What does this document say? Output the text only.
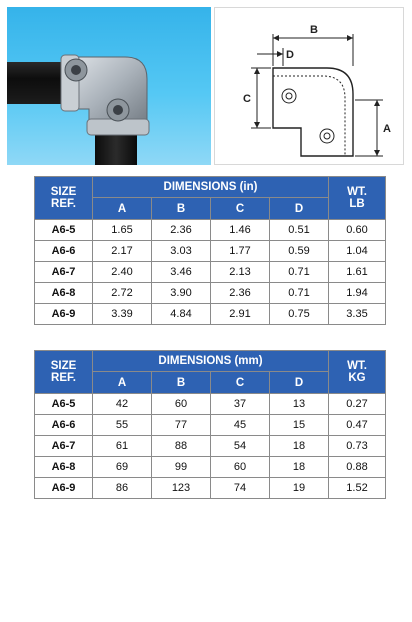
B
D
C
A
SIZE
REF.	DIMENSIONS (in)				WT.
LB
	A	B	C	D	
A6-5	1.65	2.36	1.46	0.51	0.60
A6-6	2.17	3.03	1.77	0.59	1.04
A6-7	2.40	3.46	2.13	0.71	1.61
A6-8	2.72	3.90	2.36	0.71	1.94
A6-9	3.39	4.84	2.91	0.75	3.35
SIZE
REF.	DIMENSIONS (mm)				WT.
KG
	A	B	C	D	
A6-5	42	60	37	13	0.27
A6-6	55	77	45	15	0.47
A6-7	61	88	54	18	0.73
A6-8	69	99	60	18	0.88
A6-9	86	123	74	19	1.52
